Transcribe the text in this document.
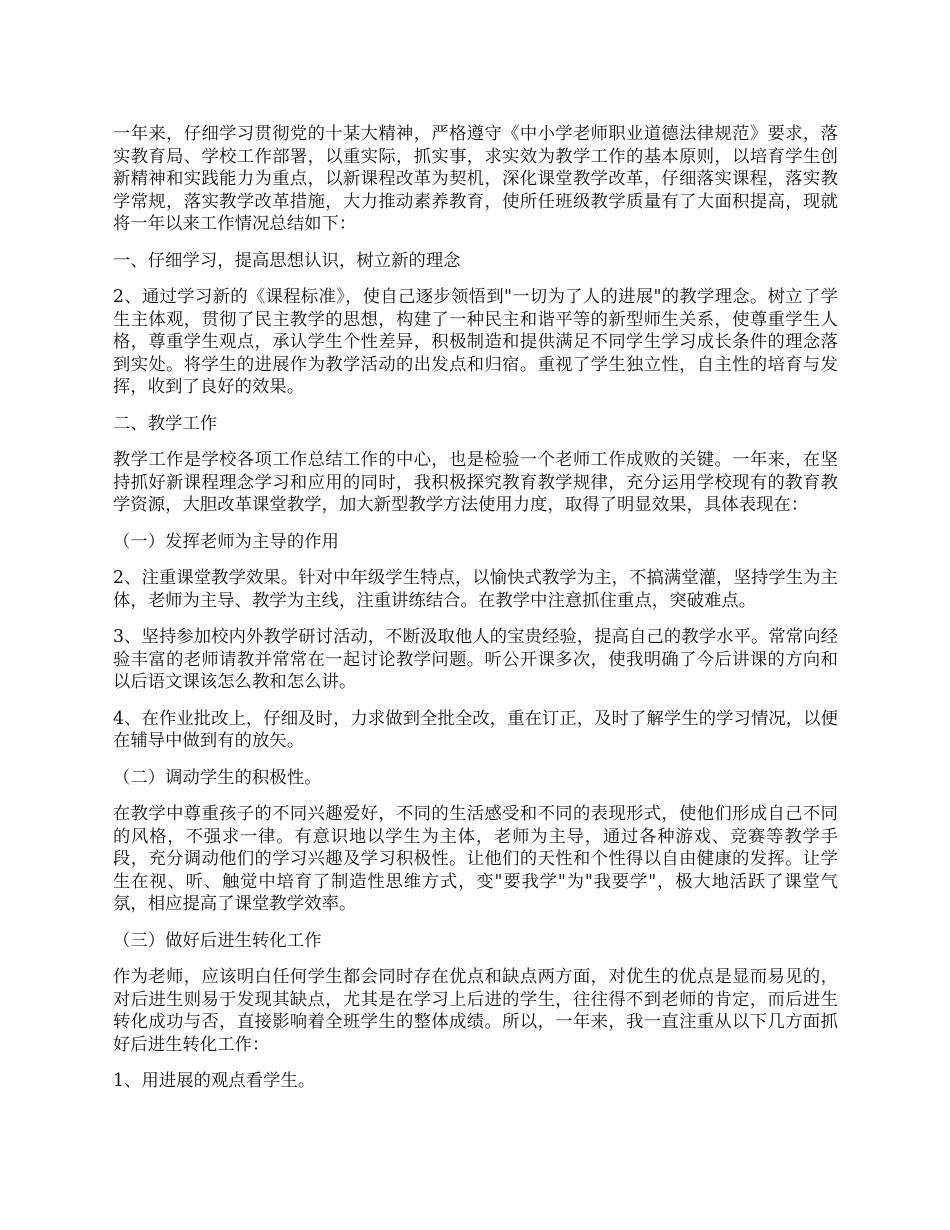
一年来，仔细学习贯彻党的十某大精神，严格遵守《中小学老师职业道德法律规范》要求，落实教育局、学校工作部署，以重实际，抓实事，求实效为教学工作的基本原则，以培育学生创新精神和实践能力为重点，以新课程改革为契机，深化课堂教学改革，仔细落实课程，落实教学常规，落实教学改革措施，大力推动素养教育，使所任班级教学质量有了大面积提高，现就将一年以来工作情况总结如下：

一、仔细学习，提高思想认识，树立新的理念

2、通过学习新的《课程标准》，使自己逐步领悟到"一切为了人的进展"的教学理念。树立了学生主体观，贯彻了民主教学的思想，构建了一种民主和谐平等的新型师生关系，使尊重学生人格，尊重学生观点，承认学生个性差异，积极制造和提供满足不同学生学习成长条件的理念落到实处。将学生的进展作为教学活动的出发点和归宿。重视了学生独立性，自主性的培育与发挥，收到了良好的效果。

二、教学工作

教学工作是学校各项工作总结工作的中心，也是检验一个老师工作成败的关键。一年来，在坚持抓好新课程理念学习和应用的同时，我积极探究教育教学规律，充分运用学校现有的教育教学资源，大胆改革课堂教学，加大新型教学方法使用力度，取得了明显效果，具体表现在：

（一）发挥老师为主导的作用

2、注重课堂教学效果。针对中年级学生特点，以愉快式教学为主，不搞满堂灌，坚持学生为主体，老师为主导、教学为主线，注重讲练结合。在教学中注意抓住重点，突破难点。

3、坚持参加校内外教学研讨活动，不断汲取他人的宝贵经验，提高自己的教学水平。常常向经验丰富的老师请教并常常在一起讨论教学问题。听公开课多次，使我明确了今后讲课的方向和以后语文课该怎么教和怎么讲。

4、在作业批改上，仔细及时，力求做到全批全改，重在订正，及时了解学生的学习情况，以便在辅导中做到有的放矢。

（二）调动学生的积极性。

在教学中尊重孩子的不同兴趣爱好，不同的生活感受和不同的表现形式，使他们形成自己不同的风格，不强求一律。有意识地以学生为主体，老师为主导，通过各种游戏、竞赛等教学手段，充分调动他们的学习兴趣及学习积极性。让他们的天性和个性得以自由健康的发挥。让学生在视、听、触觉中培育了制造性思维方式，变"要我学"为"我要学"，极大地活跃了课堂气氛，相应提高了课堂教学效率。

（三）做好后进生转化工作

作为老师，应该明白任何学生都会同时存在优点和缺点两方面，对优生的优点是显而易见的，对后进生则易于发现其缺点，尤其是在学习上后进的学生，往往得不到老师的肯定，而后进生转化成功与否，直接影响着全班学生的整体成绩。所以，一年来，我一直注重从以下几方面抓好后进生转化工作：

1、用进展的观点看学生。
